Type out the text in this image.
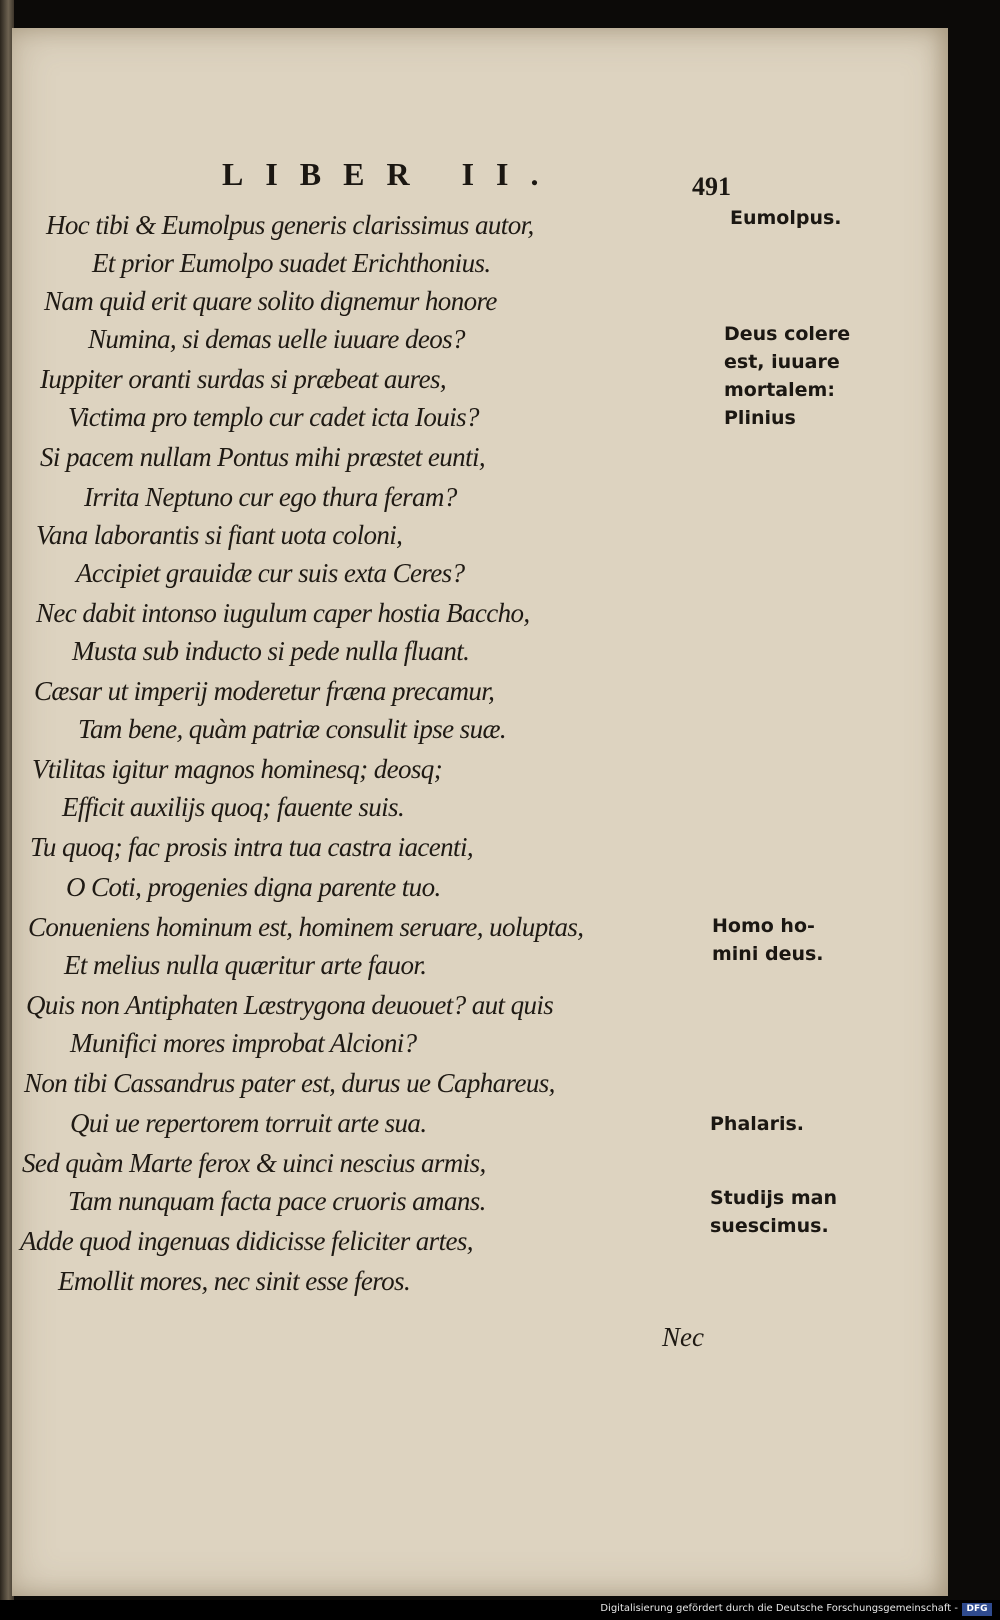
LIBER II.	491
Hoc tibi & Eumolpus generis clarissimus autor,
Et prior Eumolpo suadet Erichthonius.
Nam quid erit quare solito dignemur honore
Numina, si demas uelle iuuare deos?
Iuppiter oranti surdas si præbeat aures,
Victima pro templo cur cadet icta Iouis?
Si pacem nullam Pontus mihi præstet eunti,
Irrita Neptuno cur ego thura feram?
Vana laborantis si fiant uota coloni,
Accipiet grauidæ cur suis exta Ceres?
Nec dabit intonso iugulum caper hostia Baccho,
Musta sub inducto si pede nulla fluant.
Cæsar ut imperij moderetur fræna precamur,
Tam bene, quàm patriæ consulit ipse suæ.
Vtilitas igitur magnos hominesq; deosq;
Efficit auxilijs quoq; fauente suis.
Tu quoq; fac prosis intra tua castra iacenti,
O Coti, progenies digna parente tuo.
Conueniens hominum est, hominem seruare, uoluptas,
Et melius nulla quæritur arte fauor.
Quis non Antiphaten Læstrygona deuouet? aut quis
Munifici mores improbat Alcionі?
Non tibi Cassandrus pater est, durus ue Caphareus,
Qui ue repertorem torruit arte sua.
Sed quàm Marte ferox & uinci nescius armis,
Tam nunquam facta pace cruoris amans.
Adde quod ingenuas didicisse feliciter artes,
Emollit mores, nec sinit esse feros.
Eumolpus.
Deus colere
est, iuuare
mortalem:
Plinius
Homo ho-
mini deus.
Phalaris.
Studijs man
suescimus.
Nec
Digitalisierung gefördert durch die Deutsche Forschungsgemeinschaft - DFG
